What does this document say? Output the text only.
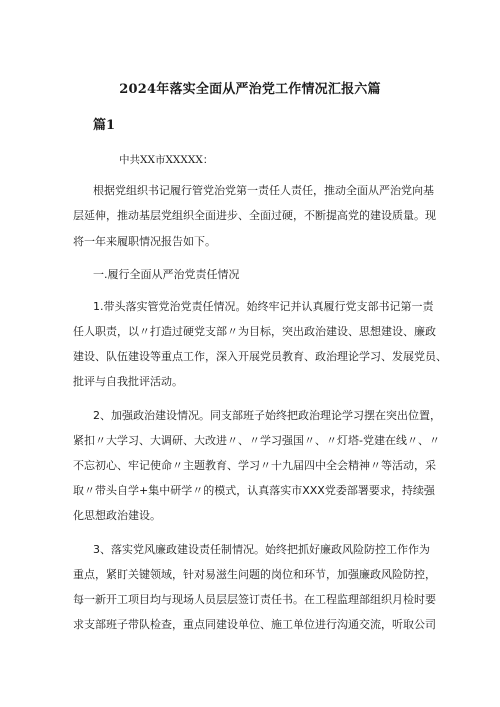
2024年落实全面从严治党工作情况汇报六篇
篇1
中共XX市XXXXX：
根据党组织书记履行管党治党第一责任人责任，推动全面从严治党向基
层延伸，推动基层党组织全面进步、全面过硬，不断提高党的建设质量。现
将一年来履职情况报告如下。
一.履行全面从严治党责任情况
1.带头落实管党治党责任情况。始终牢记并认真履行党支部书记第一责
任人职责，以〃打造过硬党支部〃为目标，突出政治建设、思想建设、廉政
建设、队伍建设等重点工作，深入开展党员教育、政治理论学习、发展党员、
批评与自我批评活动。
2、加强政治建设情况。同支部班子始终把政治理论学习摆在突出位置，
紧扣〃大学习、大调研、大改进〃、〃学习强国〃、〃灯塔-党建在线〃、〃
不忘初心、牢记使命〃主题教育、学习〃十九届四中全会精神〃等活动，采
取〃带头自学+集中研学〃的模式，认真落实市XXX党委部署要求，持续强
化思想政治建设。
3、落实党风廉政建设责任制情况。始终把抓好廉政风险防控工作作为
重点，紧盯关键领域，针对易滋生问题的岗位和环节，加强廉政风险防控，
每一新开工项目均与现场人员层层签订责任书。在工程监理部组织月检时要
求支部班子带队检查，重点同建设单位、施工单位进行沟通交流，听取公司
